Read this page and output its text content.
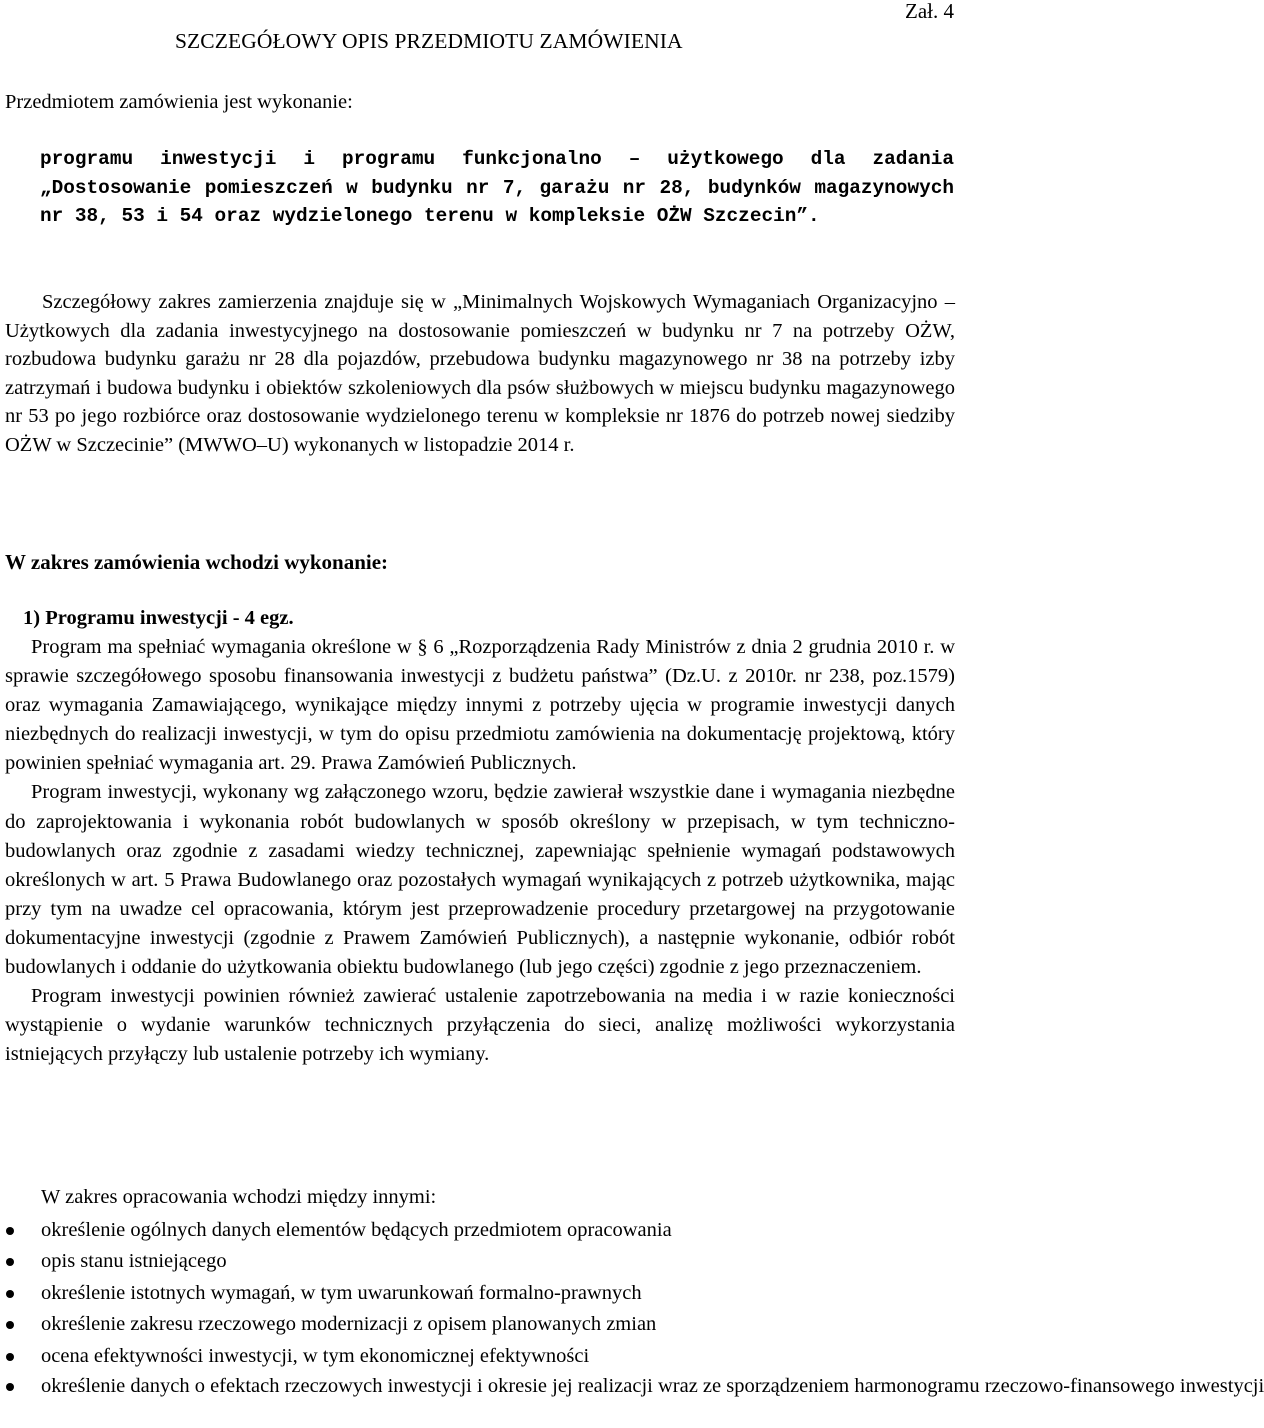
Zał. 4
SZCZEGÓŁOWY OPIS PRZEDMIOTU ZAMÓWIENIA
Przedmiotem zamówienia jest wykonanie:
programu inwestycji i programu funkcjonalno – użytkowego dla zadania „Dostosowanie pomieszczeń w budynku nr 7, garażu nr 28, budynków magazynowych nr 38, 53 i 54 oraz wydzielonego terenu w kompleksie OŻW Szczecin”.
Szczegółowy zakres zamierzenia znajduje się w „Minimalnych Wojskowych Wymaganiach Organizacyjno – Użytkowych dla zadania inwestycyjnego na dostosowanie pomieszczeń w budynku nr 7 na potrzeby OŻW, rozbudowa budynku garażu nr 28 dla pojazdów, przebudowa budynku magazynowego nr 38 na potrzeby izby zatrzymań i budowa budynku i obiektów szkoleniowych dla psów służbowych w miejscu budynku magazynowego nr 53 po jego rozbiórce oraz dostosowanie wydzielonego terenu w kompleksie nr 1876 do potrzeb nowej siedziby OŻW w Szczecinie” (MWWO–U) wykonanych w listopadzie 2014 r.
W zakres zamówienia wchodzi wykonanie:
1) Programu inwestycji - 4 egz.

Program ma spełniać wymagania określone w § 6 „Rozporządzenia Rady Ministrów z dnia 2 grudnia 2010 r. w sprawie szczegółowego sposobu finansowania inwestycji z budżetu państwa” (Dz.U. z 2010r. nr 238, poz.1579) oraz wymagania Zamawiającego, wynikające między innymi z potrzeby ujęcia w programie inwestycji danych niezbędnych do realizacji inwestycji, w tym do opisu przedmiotu zamówienia na dokumentację projektową, który powinien spełniać wymagania art. 29. Prawa Zamówień Publicznych.

Program inwestycji, wykonany wg załączonego wzoru, będzie zawierał wszystkie dane i wymagania niezbędne do zaprojektowania i wykonania robót budowlanych w sposób określony w przepisach, w tym techniczno-budowlanych oraz zgodnie z zasadami wiedzy technicznej, zapewniając spełnienie wymagań podstawowych określonych w art. 5 Prawa Budowlanego oraz pozostałych wymagań wynikających z potrzeb użytkownika, mając przy tym na uwadze cel opracowania, którym jest przeprowadzenie procedury przetargowej na przygotowanie dokumentacyjne inwestycji (zgodnie z Prawem Zamówień Publicznych), a następnie wykonanie, odbiór robót budowlanych i oddanie do użytkowania obiektu budowlanego (lub jego części) zgodnie z jego przeznaczeniem.

Program inwestycji powinien również zawierać ustalenie zapotrzebowania na media i w razie konieczności wystąpienie o wydanie warunków technicznych przyłączenia do sieci, analizę możliwości wykorzystania istniejących przyłączy lub ustalenie potrzeby ich wymiany.

W zakres opracowania wchodzi między innymi:
określenie ogólnych danych elementów będących przedmiotem opracowania
opis stanu istniejącego
określenie istotnych wymagań, w tym uwarunkowań formalno-prawnych
określenie zakresu rzeczowego modernizacji z opisem planowanych zmian
ocena efektywności inwestycji, w tym ekonomicznej efektywności
określenie danych o efektach rzeczowych inwestycji i okresie jej realizacji wraz ze sporządzeniem harmonogramu rzeczowo-finansowego inwestycji
